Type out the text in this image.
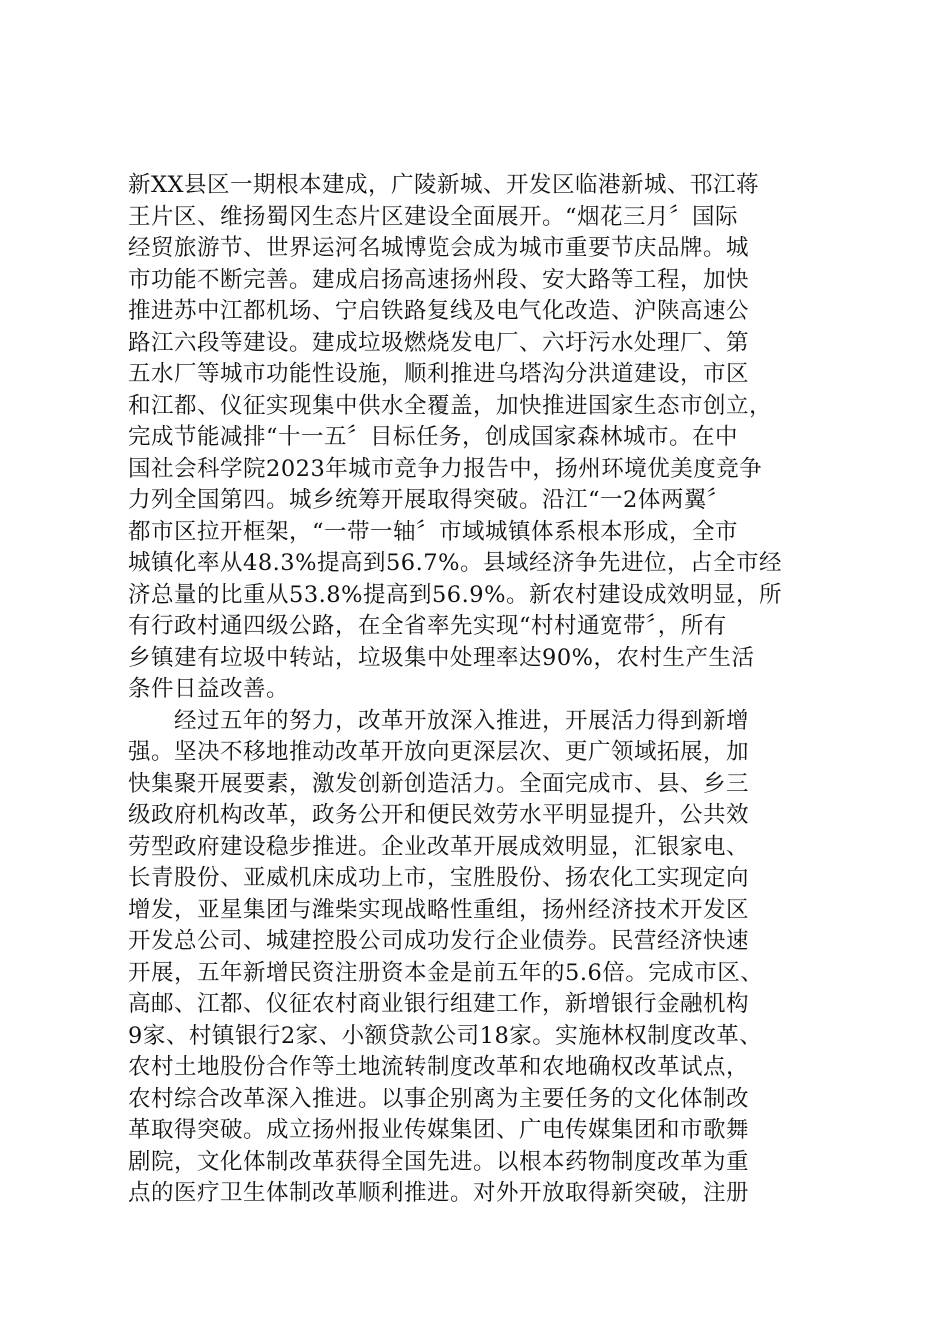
新XX县区一期根本建成，广陵新城、开发区临港新城、邗江蒋
王片区、维扬蜀冈生态片区建设全面展开。“烟花三月〞国际
经贸旅游节、世界运河名城博览会成为城市重要节庆品牌。城
市功能不断完善。建成启扬高速扬州段、安大路等工程，加快
推进苏中江都机场、宁启铁路复线及电气化改造、沪陕高速公
路江六段等建设。建成垃圾燃烧发电厂、六圩污水处理厂、第
五水厂等城市功能性设施，顺利推进乌塔沟分洪道建设，市区
和江都、仪征实现集中供水全覆盖，加快推进国家生态市创立，
完成节能减排“十一五〞目标任务，创成国家森林城市。在中
国社会科学院2023年城市竞争力报告中，扬州环境优美度竞争
力列全国第四。城乡统筹开展取得突破。沿江“一2体两翼〞
都市区拉开框架，“一带一轴〞市域城镇体系根本形成，全市
城镇化率从48.3%提高到56.7%。县域经济争先进位，占全市经
济总量的比重从53.8%提高到56.9%。新农村建设成效明显，所
有行政村通四级公路，在全省率先实现“村村通宽带〞，所有
乡镇建有垃圾中转站，垃圾集中处理率达90%，农村生产生活
条件日益改善。
经过五年的努力，改革开放深入推进，开展活力得到新增
强。坚决不移地推动改革开放向更深层次、更广领域拓展，加
快集聚开展要素，激发创新创造活力。全面完成市、县、乡三
级政府机构改革，政务公开和便民效劳水平明显提升，公共效
劳型政府建设稳步推进。企业改革开展成效明显，汇银家电、
长青股份、亚威机床成功上市，宝胜股份、扬农化工实现定向
增发，亚星集团与潍柴实现战略性重组，扬州经济技术开发区
开发总公司、城建控股公司成功发行企业债券。民营经济快速
开展，五年新增民资注册资本金是前五年的5.6倍。完成市区、
高邮、江都、仪征农村商业银行组建工作，新增银行金融机构
9家、村镇银行2家、小额贷款公司18家。实施林权制度改革、
农村土地股份合作等土地流转制度改革和农地确权改革试点，
农村综合改革深入推进。以事企别离为主要任务的文化体制改
革取得突破。成立扬州报业传媒集团、广电传媒集团和市歌舞
剧院，文化体制改革获得全国先进。以根本药物制度改革为重
点的医疗卫生体制改革顺利推进。对外开放取得新突破，注册
